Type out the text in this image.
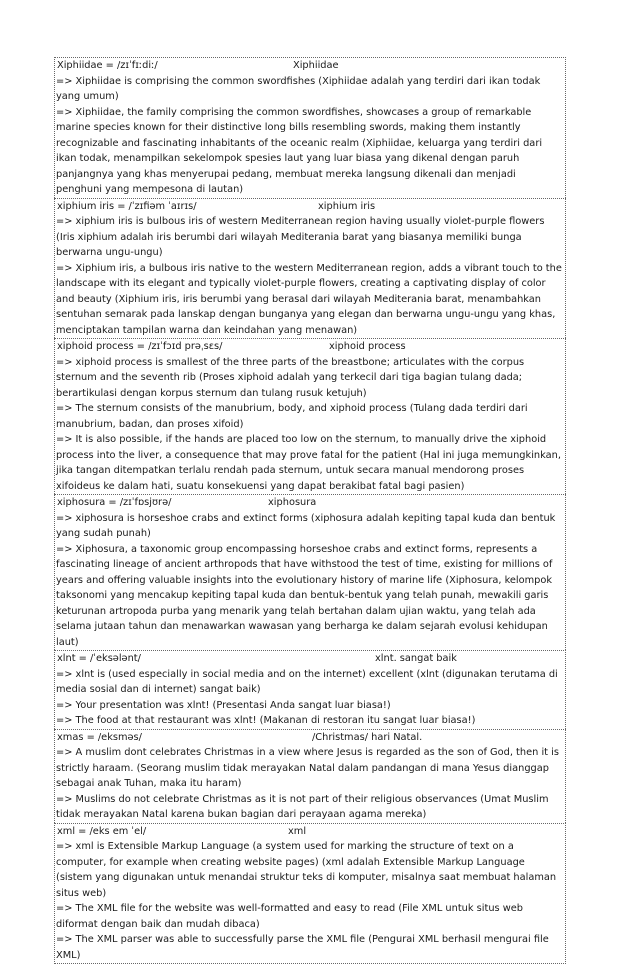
Xiphiidae = /zɪˈfɪːdiː/	Xiphiidae
=> Xiphiidae is comprising the common swordfishes (Xiphiidae adalah yang terdiri dari ikan todak yang umum)
=> Xiphiidae, the family comprising the common swordfishes, showcases a group of remarkable marine species known for their distinctive long bills resembling swords, making them instantly recognizable and fascinating inhabitants of the oceanic realm (Xiphiidae, keluarga yang terdiri dari ikan todak, menampilkan sekelompok spesies laut yang luar biasa yang dikenal dengan paruh panjangnya yang khas menyerupai pedang, membuat mereka langsung dikenali dan menjadi penghuni yang mempesona di lautan)
xiphium iris = /ˈzɪfiəm ˈaɪrɪs/	xiphium iris
=> xiphium iris is bulbous iris of western Mediterranean region having usually violet-purple flowers (Iris xiphium adalah iris berumbi dari wilayah Mediterania barat yang biasanya memiliki bunga berwarna ungu-ungu)
=> Xiphium iris, a bulbous iris native to the western Mediterranean region, adds a vibrant touch to the landscape with its elegant and typically violet-purple flowers, creating a captivating display of color and beauty (Xiphium iris, iris berumbi yang berasal dari wilayah Mediterania barat, menambahkan sentuhan semarak pada lanskap dengan bunganya yang elegan dan berwarna ungu-ungu yang khas, menciptakan tampilan warna dan keindahan yang menawan)
xiphoid process = /zɪˈfɔɪd prəˌsɛs/	xiphoid process
=> xiphoid process is smallest of the three parts of the breastbone; articulates with the corpus sternum and the seventh rib (Proses xiphoid adalah yang terkecil dari tiga bagian tulang dada; berartikulasi dengan korpus sternum dan tulang rusuk ketujuh)
=> The sternum consists of the manubrium, body, and xiphoid process (Tulang dada terdiri dari manubrium, badan, dan proses xifoid)
=> It is also possible, if the hands are placed too low on the sternum, to manually drive the xiphoid process into the liver, a consequence that may prove fatal for the patient (Hal ini juga memungkinkan, jika tangan ditempatkan terlalu rendah pada sternum, untuk secara manual mendorong proses xifoideus ke dalam hati, suatu konsekuensi yang dapat berakibat fatal bagi pasien)
xiphosura = /zɪˈfɒsjʊrə/	xiphosura
=> xiphosura is horseshoe crabs and extinct forms (xiphosura adalah kepiting tapal kuda dan bentuk yang sudah punah)
=> Xiphosura, a taxonomic group encompassing horseshoe crabs and extinct forms, represents a fascinating lineage of ancient arthropods that have withstood the test of time, existing for millions of years and offering valuable insights into the evolutionary history of marine life (Xiphosura, kelompok taksonomi yang mencakup kepiting tapal kuda dan bentuk-bentuk yang telah punah, mewakili garis keturunan artropoda purba yang menarik yang telah bertahan dalam ujian waktu, yang telah ada selama jutaan tahun dan menawarkan wawasan yang berharga ke dalam sejarah evolusi kehidupan laut)
xlnt = /ˈeksələnt/	xlnt. sangat baik
=> xlnt is (used especially in social media and on the internet) excellent (xlnt (digunakan terutama di media sosial dan di internet) sangat baik)
=> Your presentation was xlnt! (Presentasi Anda sangat luar biasa!)
=> The food at that restaurant was xlnt! (Makanan di restoran itu sangat luar biasa!)
xmas = /eksməs/	/Christmas/ hari Natal.
=> A muslim dont celebrates Christmas in a view where Jesus is regarded as the son of God, then it is strictly haraam. (Seorang muslim tidak merayakan Natal dalam pandangan di mana Yesus dianggap sebagai anak Tuhan, maka itu haram)
=> Muslims do not celebrate Christmas as it is not part of their religious observances (Umat Muslim tidak merayakan Natal karena bukan bagian dari perayaan agama mereka)
xml = /eks em ˈel/	xml
=> xml is Extensible Markup Language (a system used for marking the structure of text on a computer, for example when creating website pages) (xml adalah Extensible Markup Language (sistem yang digunakan untuk menandai struktur teks di komputer, misalnya saat membuat halaman situs web)
=> The XML file for the website was well-formatted and easy to read (File XML untuk situs web diformat dengan baik dan mudah dibaca)
=> The XML parser was able to successfully parse the XML file (Pengurai XML berhasil mengurai file XML)
